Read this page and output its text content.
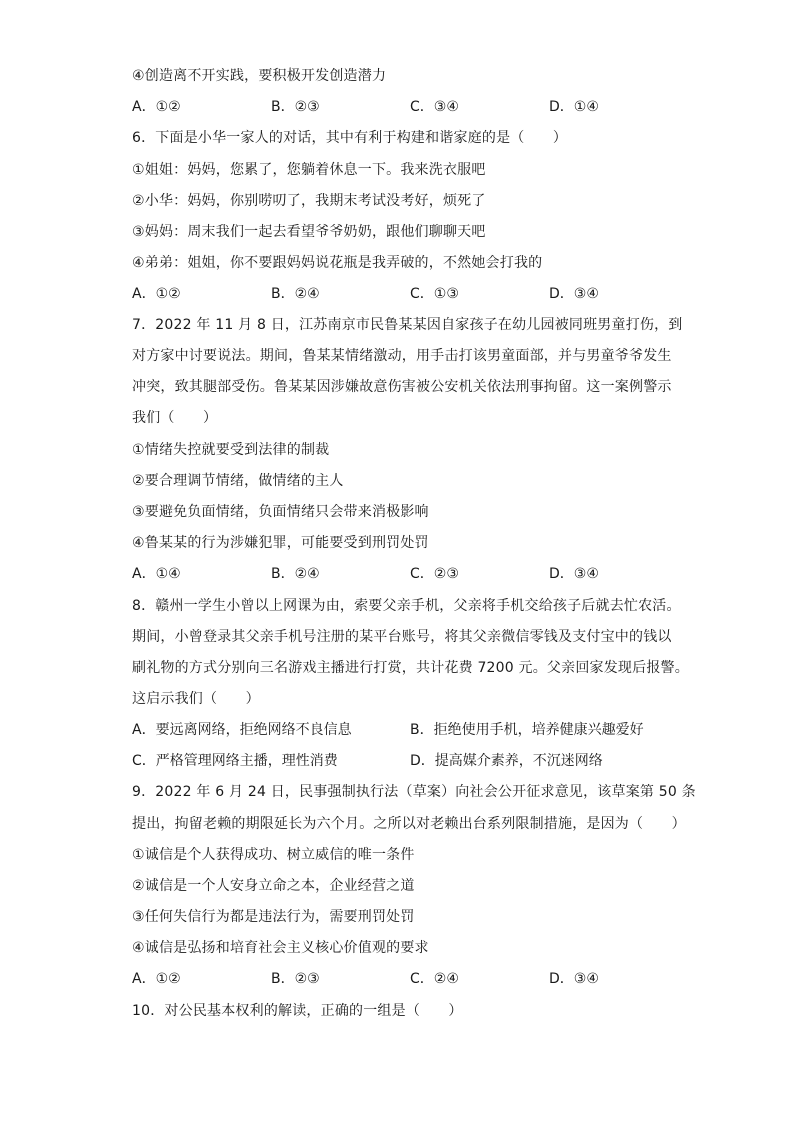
④创造离不开实践，要积极开发创造潜力
A．①②	B．②③	C．③④	D．①④
6．下面是小华一家人的对话，其中有利于构建和谐家庭的是（　　）
①姐姐：妈妈，您累了，您躺着休息一下。我来洗衣服吧
②小华：妈妈，你别唠叨了，我期末考试没考好，烦死了
③妈妈：周末我们一起去看望爷爷奶奶，跟他们聊聊天吧
④弟弟：姐姐，你不要跟妈妈说花瓶是我弄破的，不然她会打我的
A．①②	B．②④	C．①③	D．③④
7．2022 年 11 月 8 日，江苏南京市民鲁某某因自家孩子在幼儿园被同班男童打伤，到
对方家中讨要说法。期间，鲁某某情绪激动，用手击打该男童面部，并与男童爷爷发生
冲突，致其腿部受伤。鲁某某因涉嫌故意伤害被公安机关依法刑事拘留。这一案例警示
我们（　　）
①情绪失控就要受到法律的制裁
②要合理调节情绪，做情绪的主人
③要避免负面情绪，负面情绪只会带来消极影响
④鲁某某的行为涉嫌犯罪，可能要受到刑罚处罚
A．①④	B．②④	C．②③	D．③④
8．赣州一学生小曾以上网课为由，索要父亲手机，父亲将手机交给孩子后就去忙农活。
期间，小曾登录其父亲手机号注册的某平台账号，将其父亲微信零钱及支付宝中的钱以
刷礼物的方式分别向三名游戏主播进行打赏，共计花费 7200 元。父亲回家发现后报警。
这启示我们（　　）
A．要远离网络，拒绝网络不良信息	B．拒绝使用手机，培养健康兴趣爱好
C．严格管理网络主播，理性消费	D．提高媒介素养，不沉迷网络
9．2022 年 6 月 24 日，民事强制执行法（草案）向社会公开征求意见，该草案第 50 条
提出，拘留老赖的期限延长为六个月。之所以对老赖出台系列限制措施，是因为（　　）
①诚信是个人获得成功、树立威信的唯一条件
②诚信是一个人安身立命之本，企业经营之道
③任何失信行为都是违法行为，需要刑罚处罚
④诚信是弘扬和培育社会主义核心价值观的要求
A．①②	B．②③	C．②④	D．③④
10．对公民基本权利的解读，正确的一组是（　　）
